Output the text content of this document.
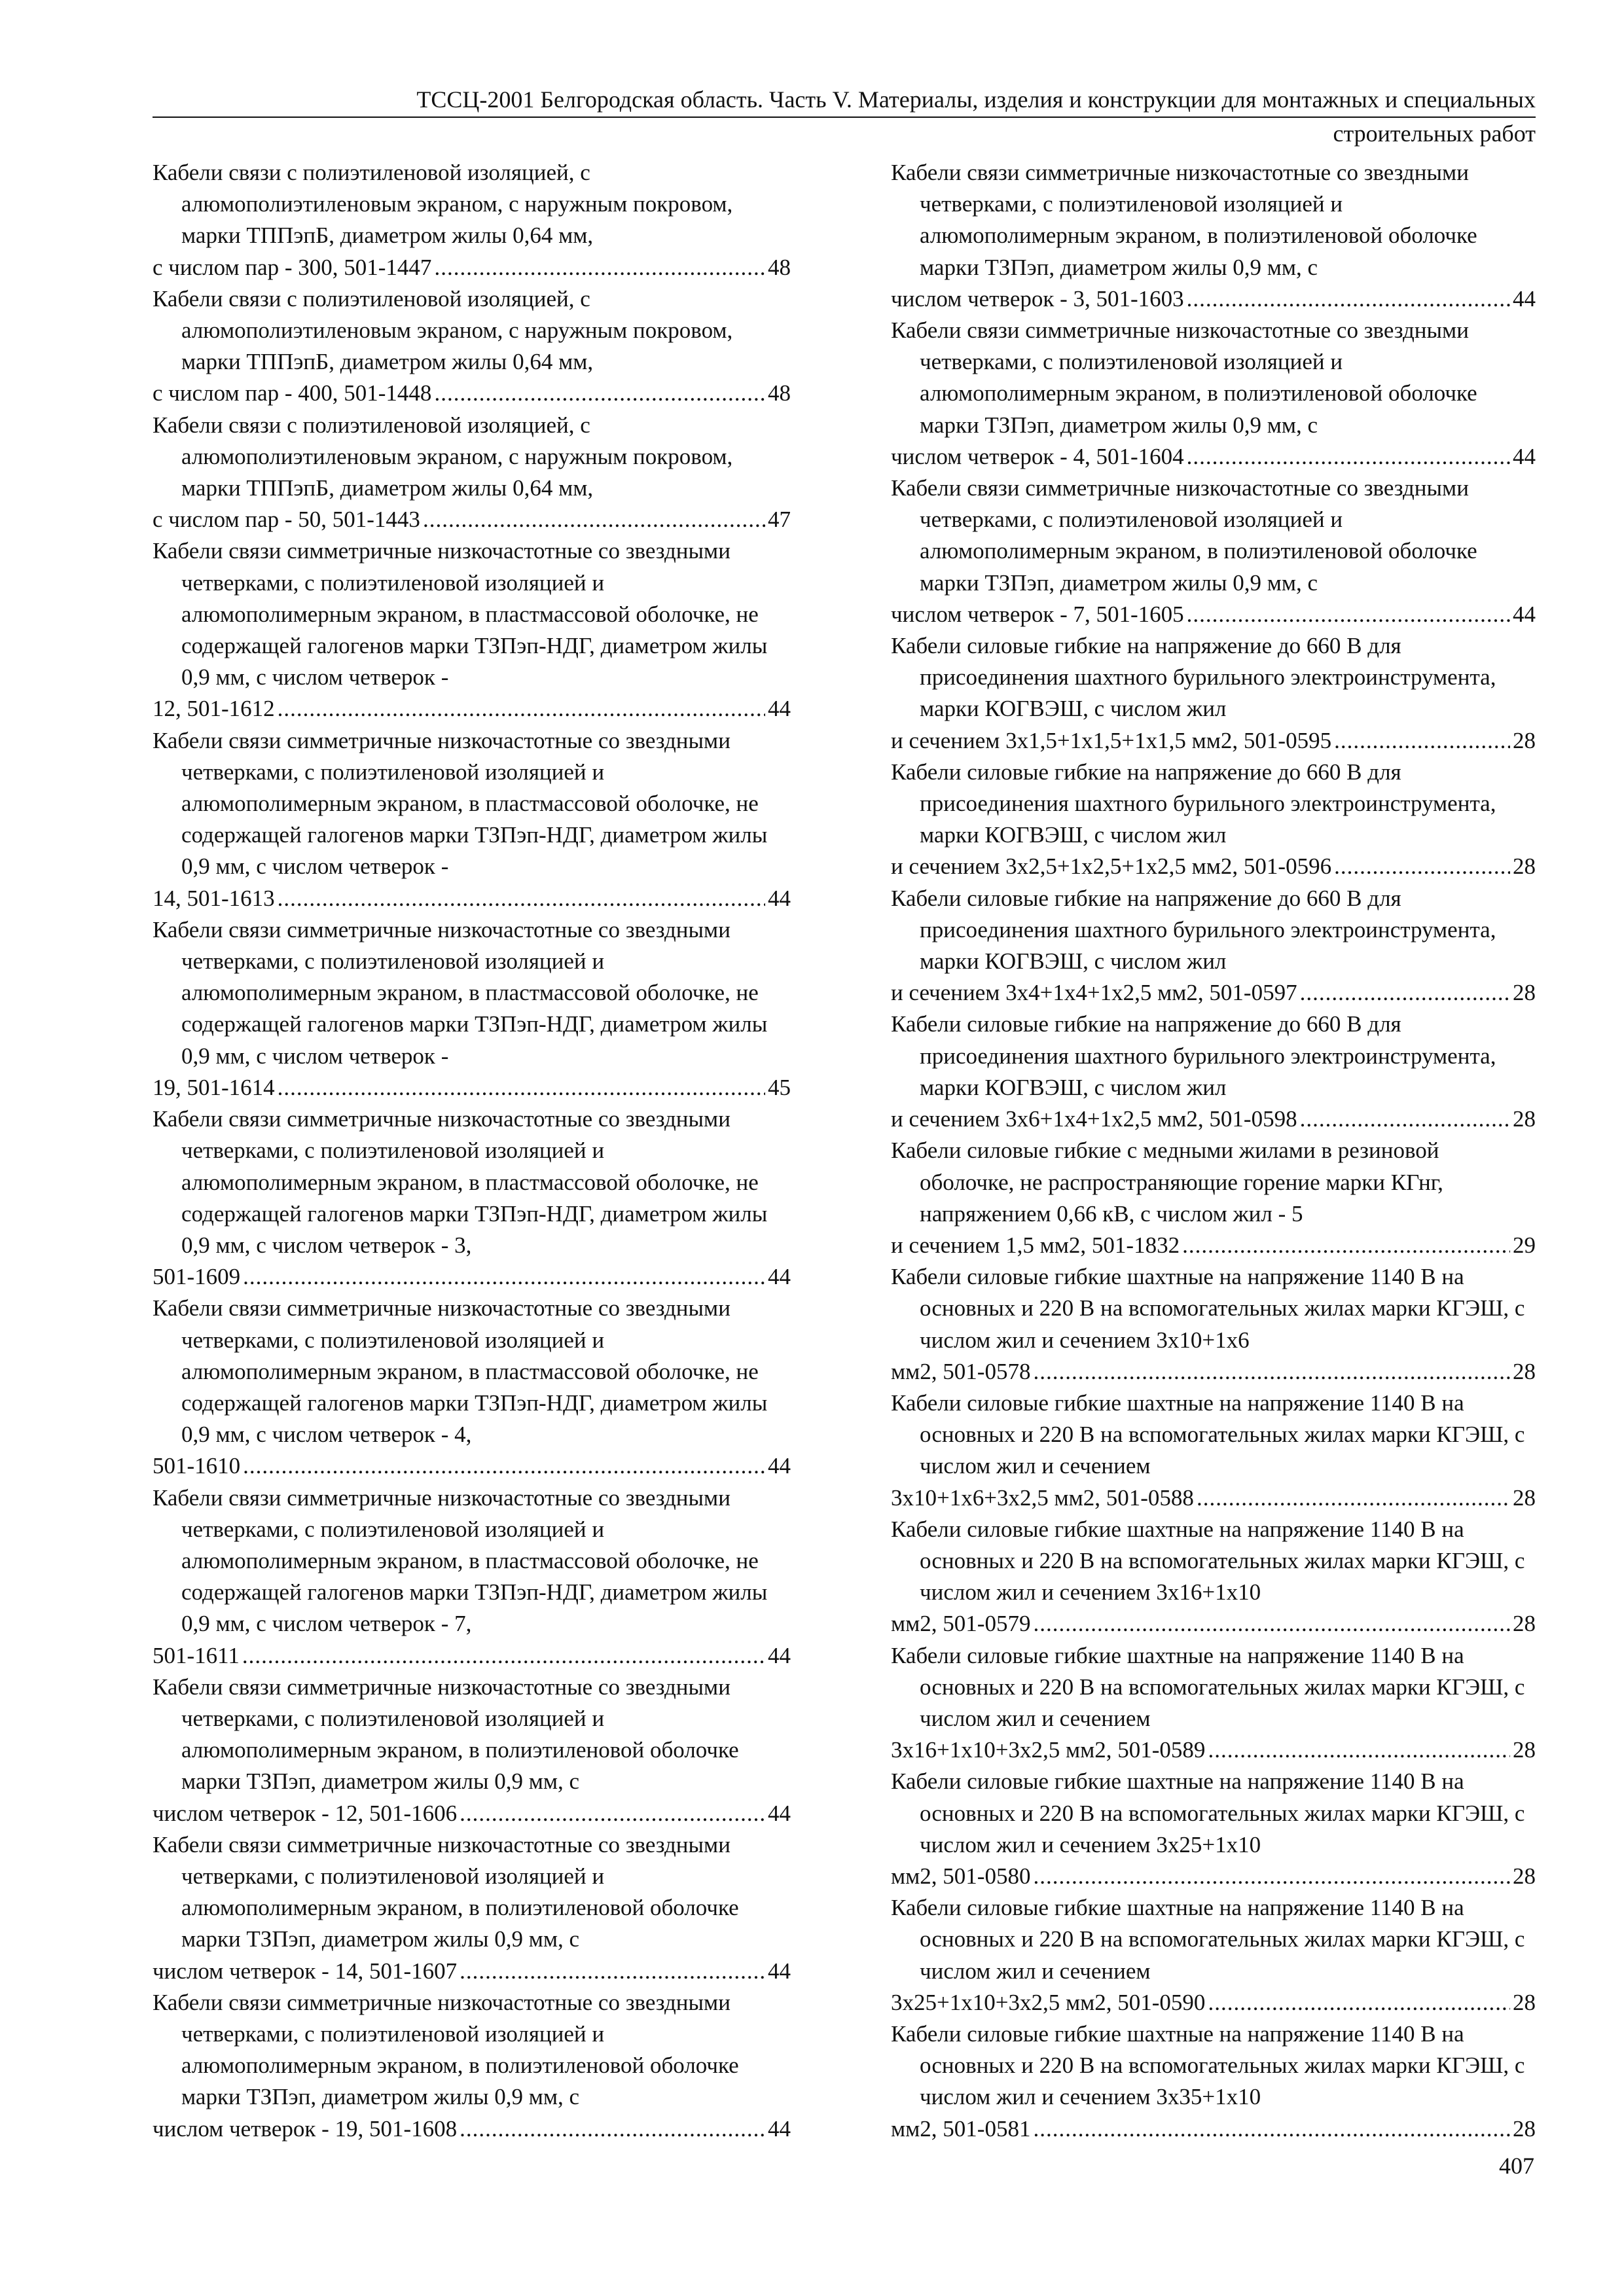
ТССЦ-2001 Белгородская область. Часть V. Материалы, изделия и конструкции для монтажных и специальных
строительных работ
Кабели связи с полиэтиленовой изоляцией, с алюмополиэтиленовым экраном, с наружным покровом, марки ТППэпБ, диаметром жилы 0,64 мм,
с числом пар - 300, 501-1447 .....	48
Кабели связи с полиэтиленовой изоляцией, с алюмополиэтиленовым экраном, с наружным покровом, марки ТППэпБ, диаметром жилы 0,64 мм,
с числом пар - 400, 501-1448 .....	48
Кабели связи с полиэтиленовой изоляцией, с алюмополиэтиленовым экраном, с наружным покровом, марки ТППэпБ, диаметром жилы 0,64 мм,
с числом пар - 50, 501-1443 .....	47
Кабели связи симметричные низкочастотные со звездными четверками, с полиэтиленовой изоляцией и алюмополимерным экраном, в пластмассовой оболочке, не содержащей галогенов марки ТЗПэп-НДГ, диаметром жилы 0,9 мм, с числом четверок -
12, 501-1612 .....	44
Кабели связи симметричные низкочастотные со звездными четверками, с полиэтиленовой изоляцией и алюмополимерным экраном, в пластмассовой оболочке, не содержащей галогенов марки ТЗПэп-НДГ, диаметром жилы 0,9 мм, с числом четверок -
14, 501-1613 .....	44
Кабели связи симметричные низкочастотные со звездными четверками, с полиэтиленовой изоляцией и алюмополимерным экраном, в пластмассовой оболочке, не содержащей галогенов марки ТЗПэп-НДГ, диаметром жилы 0,9 мм, с числом четверок -
19, 501-1614 .....	45
Кабели связи симметричные низкочастотные со звездными четверками, с полиэтиленовой изоляцией и алюмополимерным экраном, в пластмассовой оболочке, не содержащей галогенов марки ТЗПэп-НДГ, диаметром жилы 0,9 мм, с числом четверок - 3,
501-1609 .....	44
Кабели связи симметричные низкочастотные со звездными четверками, с полиэтиленовой изоляцией и алюмополимерным экраном, в пластмассовой оболочке, не содержащей галогенов марки ТЗПэп-НДГ, диаметром жилы 0,9 мм, с числом четверок - 4,
501-1610 .....	44
Кабели связи симметричные низкочастотные со звездными четверками, с полиэтиленовой изоляцией и алюмополимерным экраном, в пластмассовой оболочке, не содержащей галогенов марки ТЗПэп-НДГ, диаметром жилы 0,9 мм, с числом четверок - 7,
501-1611 .....	44
Кабели связи симметричные низкочастотные со звездными четверками, с полиэтиленовой изоляцией и алюмополимерным экраном, в полиэтиленовой оболочке марки ТЗПэп, диаметром жилы 0,9 мм, с
числом четверок - 12, 501-1606 .....	44
Кабели связи симметричные низкочастотные со звездными четверками, с полиэтиленовой изоляцией и алюмополимерным экраном, в полиэтиленовой оболочке марки ТЗПэп, диаметром жилы 0,9 мм, с
числом четверок - 14, 501-1607 .....	44
Кабели связи симметричные низкочастотные со звездными четверками, с полиэтиленовой изоляцией и алюмополимерным экраном, в полиэтиленовой оболочке марки ТЗПэп, диаметром жилы 0,9 мм, с
числом четверок - 19, 501-1608 .....	44
Кабели связи симметричные низкочастотные со звездными четверками, с полиэтиленовой изоляцией и алюмополимерным экраном, в полиэтиленовой оболочке марки ТЗПэп, диаметром жилы 0,9 мм, с
числом четверок - 3, 501-1603 .....	44
Кабели связи симметричные низкочастотные со звездными четверками, с полиэтиленовой изоляцией и алюмополимерным экраном, в полиэтиленовой оболочке марки ТЗПэп, диаметром жилы 0,9 мм, с
числом четверок - 4, 501-1604 .....	44
Кабели связи симметричные низкочастотные со звездными четверками, с полиэтиленовой изоляцией и алюмополимерным экраном, в полиэтиленовой оболочке марки ТЗПэп, диаметром жилы 0,9 мм, с
числом четверок - 7, 501-1605 .....	44
Кабели силовые гибкие на напряжение до 660 В для присоединения шахтного бурильного электроинструмента, марки КОГВЭШ, с числом жил
и сечением 3х1,5+1х1,5+1х1,5 мм2, 501-0595 .....	28
Кабели силовые гибкие на напряжение до 660 В для присоединения шахтного бурильного электроинструмента, марки КОГВЭШ, с числом жил
и сечением 3х2,5+1х2,5+1х2,5 мм2, 501-0596 .....	28
Кабели силовые гибкие на напряжение до 660 В для присоединения шахтного бурильного электроинструмента, марки КОГВЭШ, с числом жил
и сечением 3х4+1х4+1х2,5 мм2, 501-0597 .....	28
Кабели силовые гибкие на напряжение до 660 В для присоединения шахтного бурильного электроинструмента, марки КОГВЭШ, с числом жил
и сечением 3х6+1х4+1х2,5 мм2, 501-0598 .....	28
Кабели силовые гибкие с медными жилами в резиновой оболочке, не распространяющие горение марки КГнг, напряжением 0,66 кВ, с числом жил - 5
и сечением 1,5 мм2, 501-1832 .....	29
Кабели силовые гибкие шахтные на напряжение 1140 В на основных и 220 В на вспомогательных жилах марки КГЭШ, с числом жил и сечением 3х10+1х6
мм2, 501-0578 .....	28
Кабели силовые гибкие шахтные на напряжение 1140 В на основных и 220 В на вспомогательных жилах марки КГЭШ, с числом жил и сечением
3х10+1х6+3х2,5 мм2, 501-0588 .....	28
Кабели силовые гибкие шахтные на напряжение 1140 В на основных и 220 В на вспомогательных жилах марки КГЭШ, с числом жил и сечением 3х16+1х10
мм2, 501-0579 .....	28
Кабели силовые гибкие шахтные на напряжение 1140 В на основных и 220 В на вспомогательных жилах марки КГЭШ, с числом жил и сечением
3х16+1х10+3х2,5 мм2, 501-0589 .....	28
Кабели силовые гибкие шахтные на напряжение 1140 В на основных и 220 В на вспомогательных жилах марки КГЭШ, с числом жил и сечением 3х25+1х10
мм2, 501-0580 .....	28
Кабели силовые гибкие шахтные на напряжение 1140 В на основных и 220 В на вспомогательных жилах марки КГЭШ, с числом жил и сечением
3х25+1х10+3х2,5 мм2, 501-0590 .....	28
Кабели силовые гибкие шахтные на напряжение 1140 В на основных и 220 В на вспомогательных жилах марки КГЭШ, с числом жил и сечением 3х35+1х10
мм2, 501-0581 .....	28
407
